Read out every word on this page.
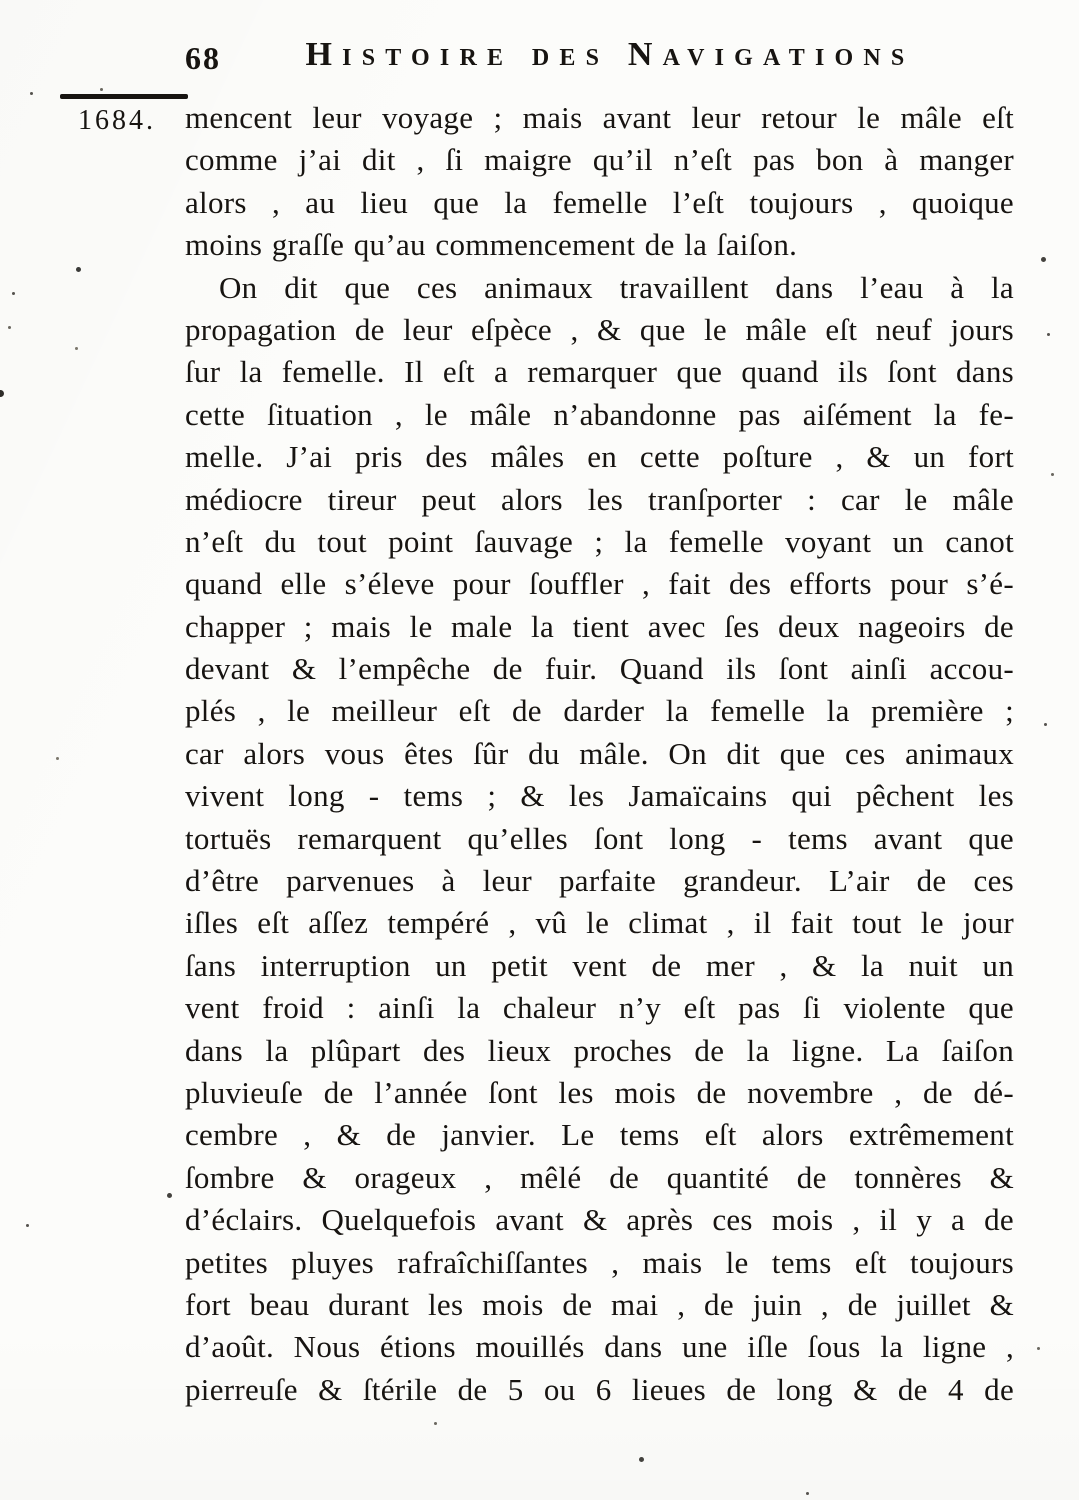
68	Histoire des Navigations
1684. mencent leur voyage ; mais avant leur retour le mâle eſt
comme j’ai dit , ſi maigre qu’il n’eſt pas bon à manger
alors , au lieu que la femelle l’eſt toujours , quoique
moins graſſe qu’au commencement de la ſaiſon.
On dit que ces animaux travaillent dans l’eau à la
propagation de leur eſpèce , & que le mâle eſt neuf jours
ſur la femelle. Il eſt a remarquer que quand ils ſont dans
cette ſituation , le mâle n’abandonne pas aiſément la fe-
melle. J’ai pris des mâles en cette poſture , & un fort
médiocre tireur peut alors les tranſporter : car le mâle
n’eſt du tout point ſauvage ; la femelle voyant un canot
quand elle s’éleve pour ſouffler , fait des efforts pour s’é-
chapper ; mais le male la tient avec ſes deux nageoirs de
devant & l’empêche de fuir. Quand ils ſont ainſi accou-
plés , le meilleur eſt de darder la femelle la première ;
car alors vous êtes ſûr du mâle. On dit que ces animaux
vivent long - tems ; & les Jamaïcains qui pêchent les
tortuës remarquent qu’elles ſont long - tems avant que
d’être parvenues à leur parfaite grandeur. L’air de ces
iſles eſt aſſez tempéré , vû le climat , il fait tout le jour
ſans interruption un petit vent de mer , & la nuit un
vent froid : ainſi la chaleur n’y eſt pas ſi violente que
dans la plûpart des lieux proches de la ligne. La ſaiſon
pluvieuſe de l’année ſont les mois de novembre , de dé-
cembre , & de janvier. Le tems eſt alors extrêmement
ſombre & orageux , mêlé de quantité de tonnères &
d’éclairs. Quelquefois avant & après ces mois , il y a de
petites pluyes rafraîchiſſantes , mais le tems eſt toujours
fort beau durant les mois de mai , de juin , de juillet &
d’août. Nous étions mouillés dans une iſle ſous la ligne ,
pierreuſe & ſtérile de 5 ou 6 lieues de long & de 4 de
